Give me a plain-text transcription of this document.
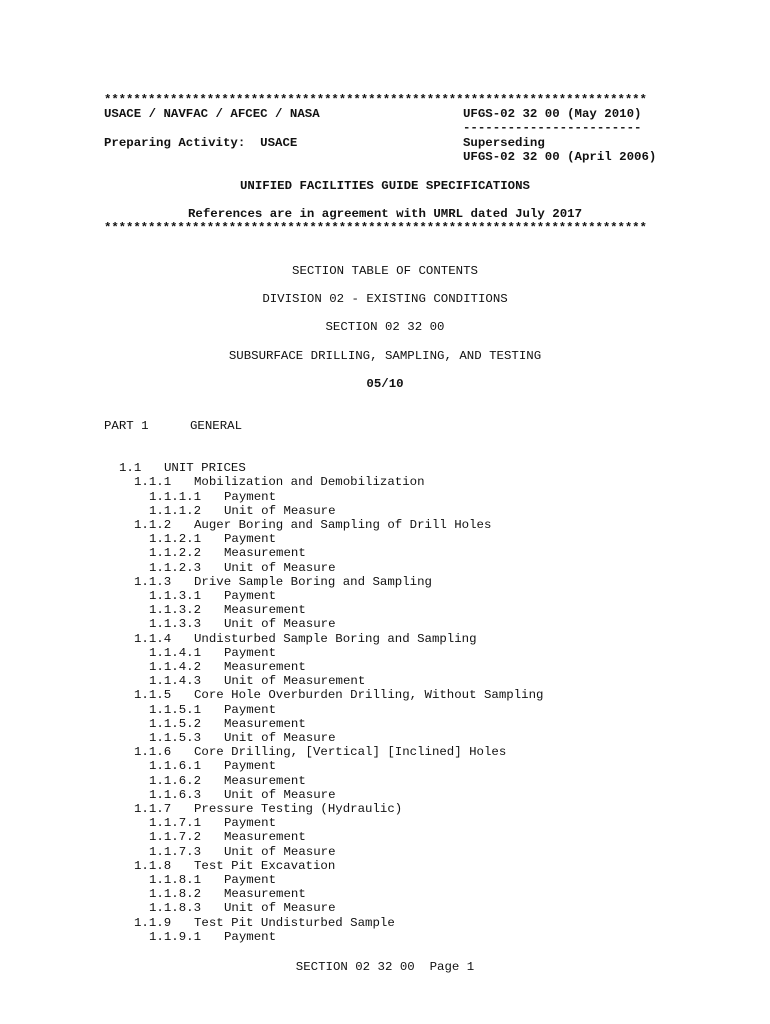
**************************************************************************
USACE / NAVFAC / AFCEC / NASA	UFGS-02 32 00 (May 2010)
------------------------
Preparing Activity:  USACE	Superseding
UFGS-02 32 00 (April 2006)
UNIFIED FACILITIES GUIDE SPECIFICATIONS
References are in agreement with UMRL dated July 2017
**************************************************************************
SECTION TABLE OF CONTENTS
DIVISION 02 - EXISTING CONDITIONS
SECTION 02 32 00
SUBSURFACE DRILLING, SAMPLING, AND TESTING
05/10
PART 1	GENERAL
1.1 UNIT PRICES
1.1.1 Mobilization and Demobilization
1.1.1.1 Payment
1.1.1.2 Unit of Measure
1.1.2 Auger Boring and Sampling of Drill Holes
1.1.2.1 Payment
1.1.2.2 Measurement
1.1.2.3 Unit of Measure
1.1.3 Drive Sample Boring and Sampling
1.1.3.1 Payment
1.1.3.2 Measurement
1.1.3.3 Unit of Measure
1.1.4 Undisturbed Sample Boring and Sampling
1.1.4.1 Payment
1.1.4.2 Measurement
1.1.4.3 Unit of Measurement
1.1.5 Core Hole Overburden Drilling, Without Sampling
1.1.5.1 Payment
1.1.5.2 Measurement
1.1.5.3 Unit of Measure
1.1.6 Core Drilling, [Vertical] [Inclined] Holes
1.1.6.1 Payment
1.1.6.2 Measurement
1.1.6.3 Unit of Measure
1.1.7 Pressure Testing (Hydraulic)
1.1.7.1 Payment
1.1.7.2 Measurement
1.1.7.3 Unit of Measure
1.1.8 Test Pit Excavation
1.1.8.1 Payment
1.1.8.2 Measurement
1.1.8.3 Unit of Measure
1.1.9 Test Pit Undisturbed Sample
1.1.9.1 Payment
SECTION 02 32 00  Page 1
